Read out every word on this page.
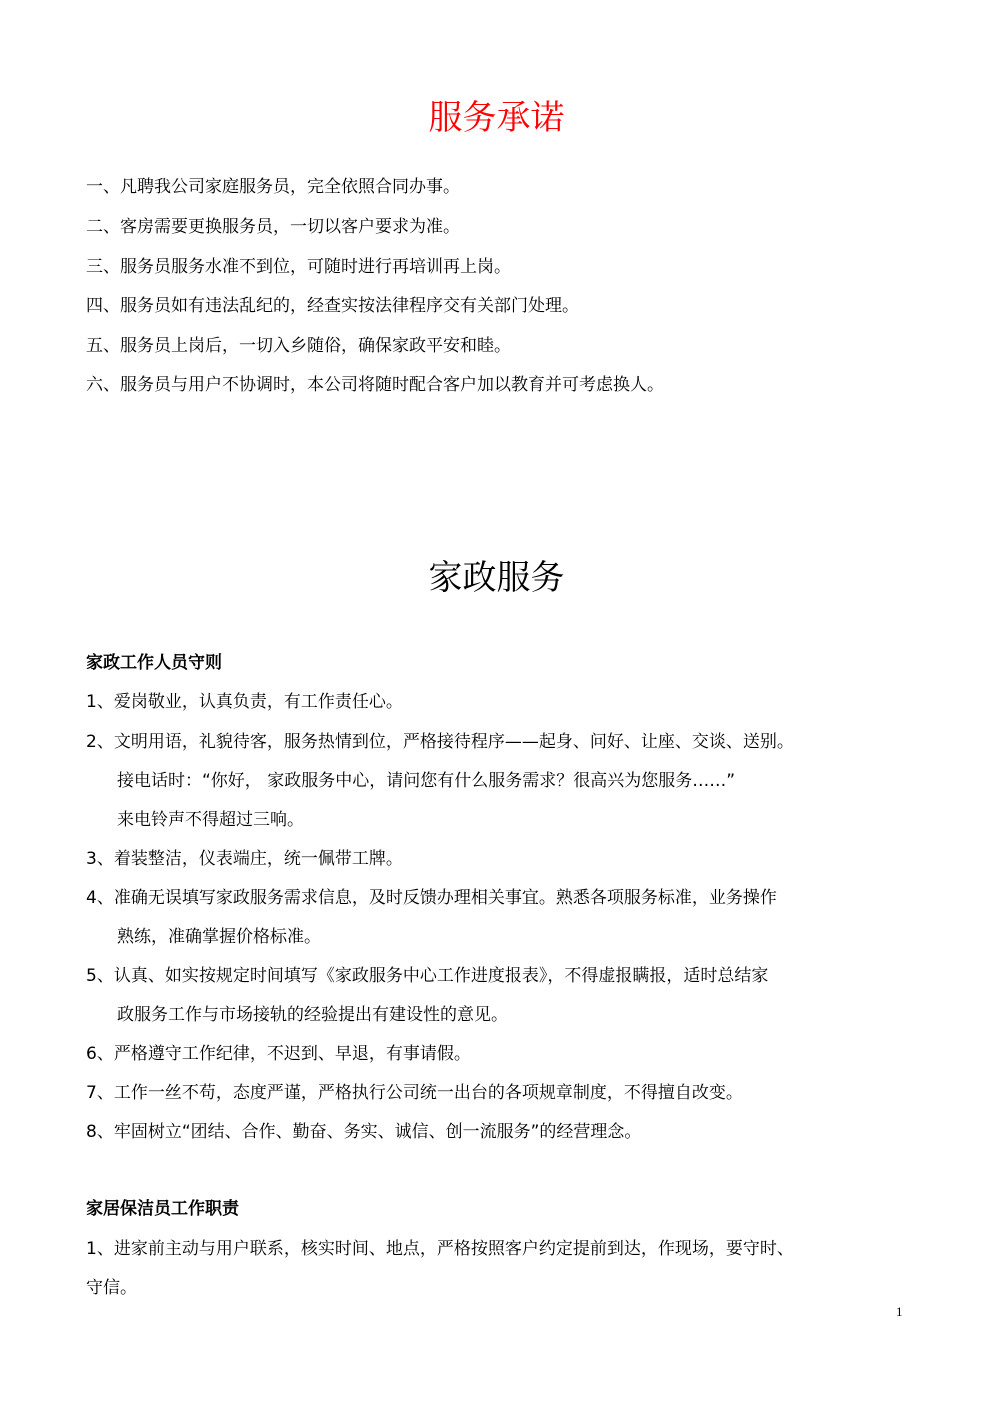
服务承诺
一、凡聘我公司家庭服务员，完全依照合同办事。
二、客房需要更换服务员，一切以客户要求为准。
三、服务员服务水准不到位，可随时进行再培训再上岗。
四、服务员如有违法乱纪的，经查实按法律程序交有关部门处理。
五、服务员上岗后，一切入乡随俗，确保家政平安和睦。
六、服务员与用户不协调时，本公司将随时配合客户加以教育并可考虑换人。
家政服务
家政工作人员守则
1、爱岗敬业，认真负责，有工作责任心。
2、文明用语，礼貌待客，服务热情到位，严格接待程序——起身、问好、让座、交谈、送别。
接电话时：“你好， 家政服务中心，请问您有什么服务需求？很高兴为您服务……”
来电铃声不得超过三响。
3、着装整洁，仪表端庄，统一佩带工牌。
4、准确无误填写家政服务需求信息，及时反馈办理相关事宜。熟悉各项服务标准，业务操作
熟练，准确掌握价格标准。
5、认真、如实按规定时间填写《家政服务中心工作进度报表》，不得虚报瞒报，适时总结家
政服务工作与市场接轨的经验提出有建设性的意见。
6、严格遵守工作纪律，不迟到、早退，有事请假。
7、工作一丝不苟，态度严谨，严格执行公司统一出台的各项规章制度，不得擅自改变。
8、牢固树立“团结、合作、勤奋、务实、诚信、创一流服务”的经营理念。
家居保洁员工作职责
1、进家前主动与用户联系，核实时间、地点，严格按照客户约定提前到达，作现场，要守时、
守信。
1
